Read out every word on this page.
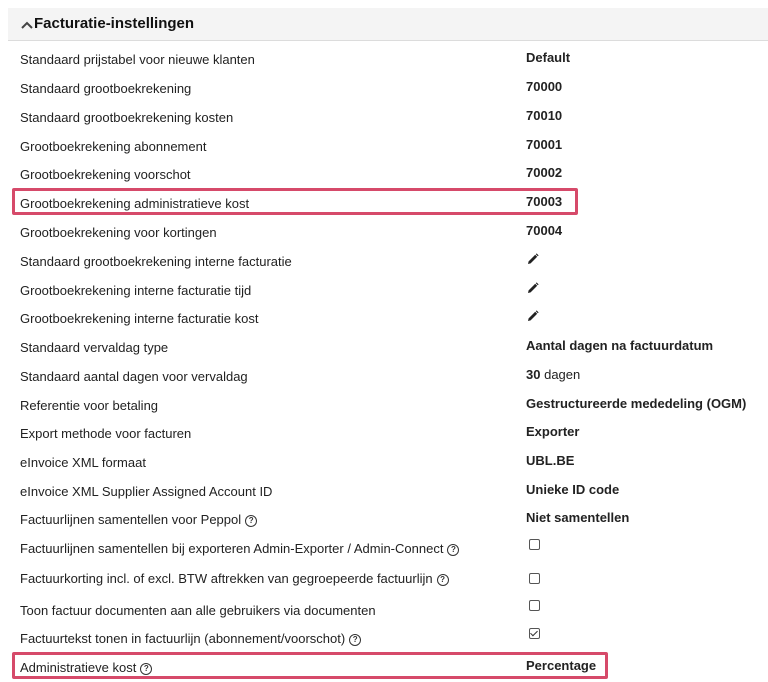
Facturatie-instellingen
Standaard prijstabel voor nieuwe klanten	Default
Standaard grootboekrekening	70000
Standaard grootboekrekening kosten	70010
Grootboekrekening abonnement	70001
Grootboekrekening voorschot	70002
Grootboekrekening administratieve kost	70003
Grootboekrekening voor kortingen	70004
Standaard grootboekrekening interne facturatie
Grootboekrekening interne facturatie tijd
Grootboekrekening interne facturatie kost
Standaard vervaldag type	Aantal dagen na factuurdatum
Standaard aantal dagen voor vervaldag	30 dagen
Referentie voor betaling	Gestructureerde mededeling (OGM)
Export methode voor facturen	Exporter
eInvoice XML formaat	UBL.BE
eInvoice XML Supplier Assigned Account ID	Unieke ID code
Factuurlijnen samentellen voor Peppol ?	Niet samentellen
Factuurlijnen samentellen bij exporteren Admin-Exporter / Admin-Connect ?
Factuurkorting incl. of excl. BTW aftrekken van gegroepeerde factuurlijn ?
Toon factuur documenten aan alle gebruikers via documenten
Factuurtekst tonen in factuurlijn (abonnement/voorschot) ?
Administratieve kost ?	Percentage
